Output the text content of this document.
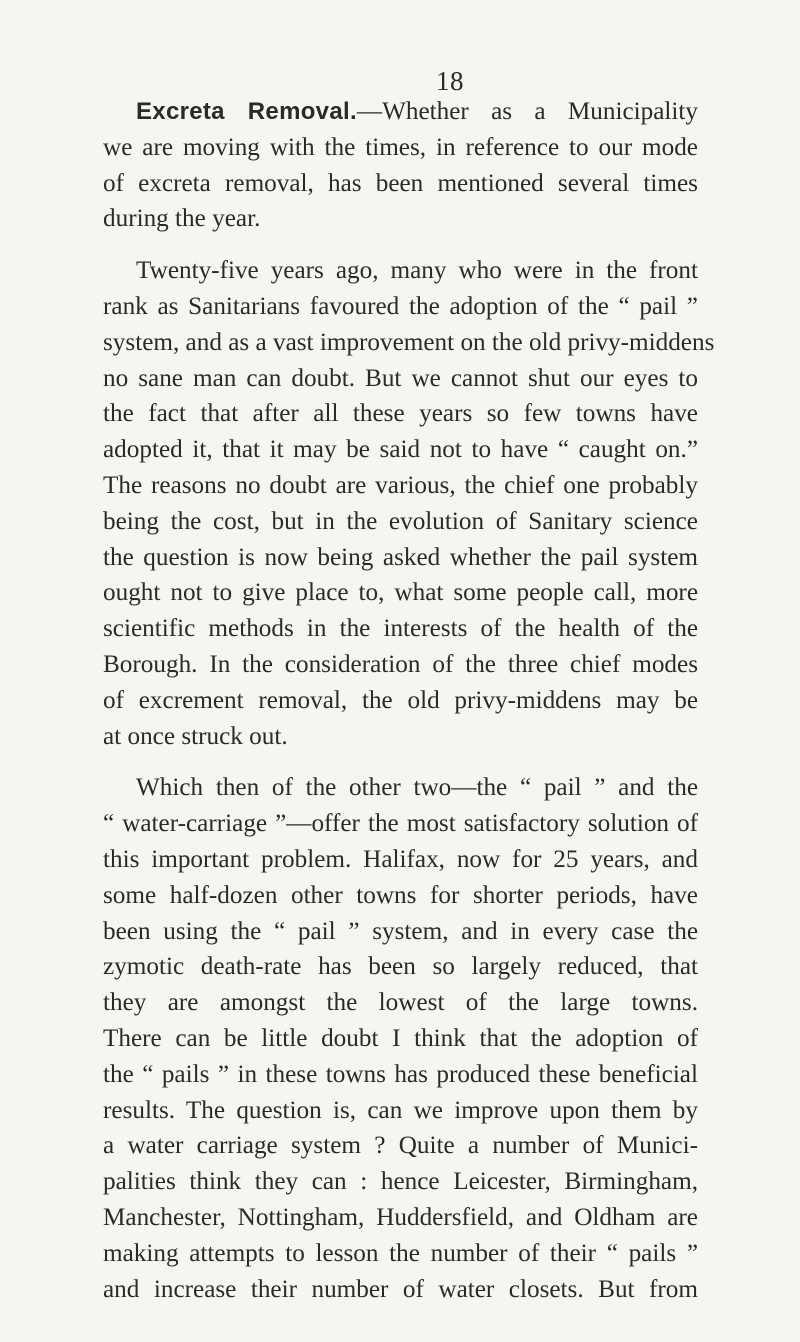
18

Excreta Removal.—Whether as a Municipality
we are moving with the times, in reference to our mode
of excreta removal, has been mentioned several times
during the year.

Twenty-five years ago, many who were in the front
rank as Sanitarians favoured the adoption of the “ pail ”
system, and as a vast improvement on the old privy-middens
no sane man can doubt. But we cannot shut our eyes to
the fact that after all these years so few towns have
adopted it, that it may be said not to have “ caught on.”
The reasons no doubt are various, the chief one probably
being the cost, but in the evolution of Sanitary science
the question is now being asked whether the pail system
ought not to give place to, what some people call, more
scientific methods in the interests of the health of the
Borough. In the consideration of the three chief modes
of excrement removal, the old privy-middens may be
at once struck out.

Which then of the other two—the “ pail ” and the
“ water-carriage ”—offer the most satisfactory solution of
this important problem. Halifax, now for 25 years, and
some half-dozen other towns for shorter periods, have
been using the “ pail ” system, and in every case the
zymotic death-rate has been so largely reduced, that
they are amongst the lowest of the large towns.
There can be little doubt I think that the adoption of
the “ pails ” in these towns has produced these beneficial
results. The question is, can we improve upon them by
a water carriage system ? Quite a number of Munici-
palities think they can : hence Leicester, Birmingham,
Manchester, Nottingham, Huddersfield, and Oldham are
making attempts to lesson the number of their “ pails ”
and increase their number of water closets. But from
